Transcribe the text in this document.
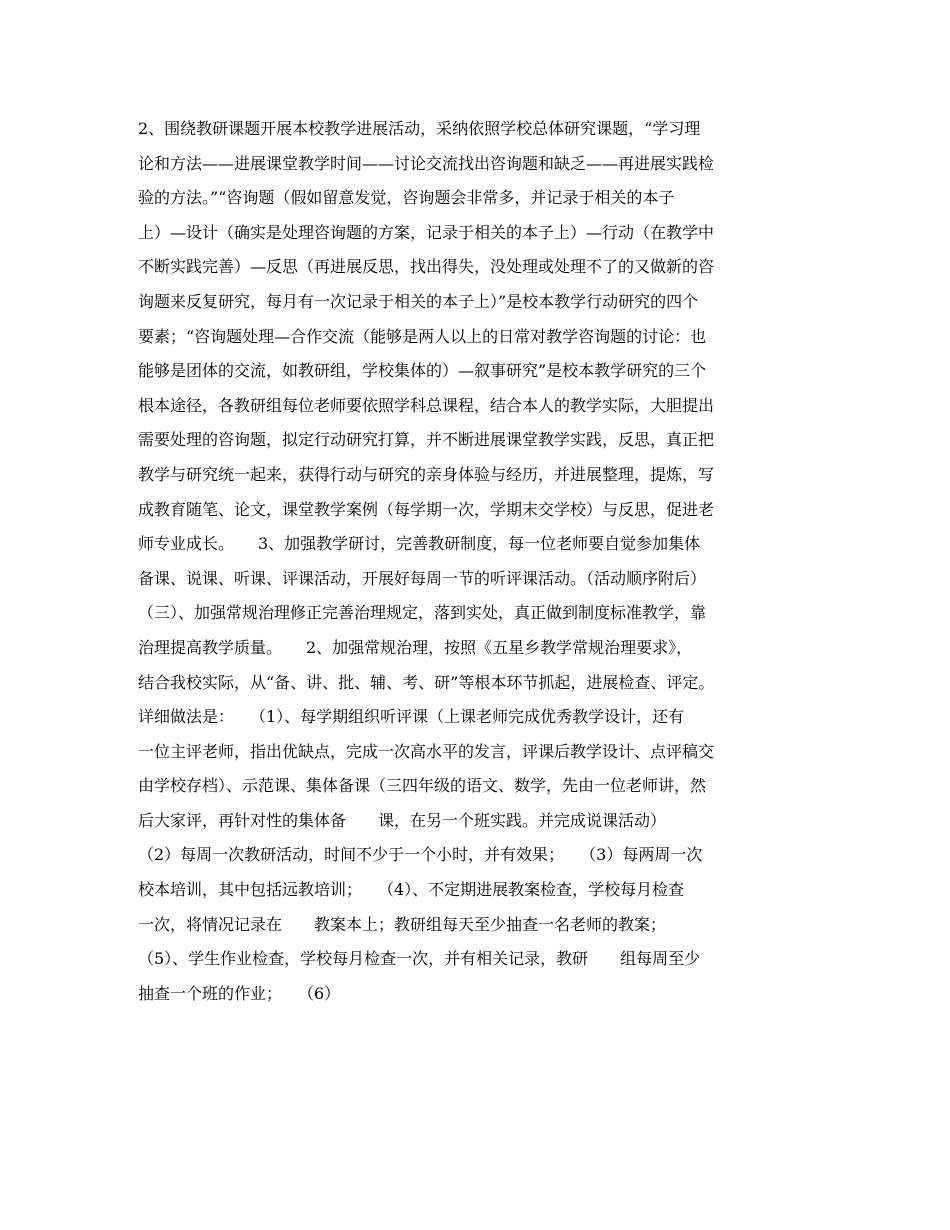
2、围绕教研课题开展本校教学进展活动，采纳依照学校总体研究课题，“学习理
论和方法——进展课堂教学时间——讨论交流找出咨询题和缺乏——再进展实践检
验的方法。”“咨询题（假如留意发觉，咨询题会非常多，并记录于相关的本子
上）—设计（确实是处理咨询题的方案，记录于相关的本子上）—行动（在教学中
不断实践完善）—反思（再进展反思，找出得失，没处理或处理不了的又做新的咨
询题来反复研究，每月有一次记录于相关的本子上）”是校本教学行动研究的四个
要素；“咨询题处理—合作交流（能够是两人以上的日常对教学咨询题的讨论：也
能够是团体的交流，如教研组，学校集体的）—叙事研究”是校本教学研究的三个
根本途径，各教研组每位老师要依照学科总课程，结合本人的教学实际，大胆提出
需要处理的咨询题，拟定行动研究打算，并不断进展课堂教学实践，反思，真正把
教学与研究统一起来，获得行动与研究的亲身体验与经历，并进展整理，提炼，写
成教育随笔、论文，课堂教学案例（每学期一次，学期末交学校）与反思，促进老
师专业成长。　　3、加强教学研讨，完善教研制度，每一位老师要自觉参加集体
备课、说课、听课、评课活动，开展好每周一节的听评课活动。（活动顺序附后）
（三）、加强常规治理修正完善治理规定，落到实处，真正做到制度标准教学，靠
治理提高教学质量。　　2、加强常规治理，按照《五星乡教学常规治理要求》，
结合我校实际，从“备、讲、批、辅、考、研”等根本环节抓起，进展检查、评定。
详细做法是：　　（1）、每学期组织听评课（上课老师完成优秀教学设计，还有
一位主评老师，指出优缺点，完成一次高水平的发言，评课后教学设计、点评稿交
由学校存档）、示范课、集体备课（三四年级的语文、数学，先由一位老师讲，然
后大家评，再针对性的集体备　　课，在另一个班实践。并完成说课活动）
（2）每周一次教研活动，时间不少于一个小时，并有效果；　　（3）每两周一次
校本培训，其中包括远教培训；　　（4）、不定期进展教案检查，学校每月检查
一次，将情况记录在　　教案本上；教研组每天至少抽查一名老师的教案；
（5）、学生作业检查，学校每月检查一次，并有相关记录，教研　　组每周至少
抽查一个班的作业；　　（6）
